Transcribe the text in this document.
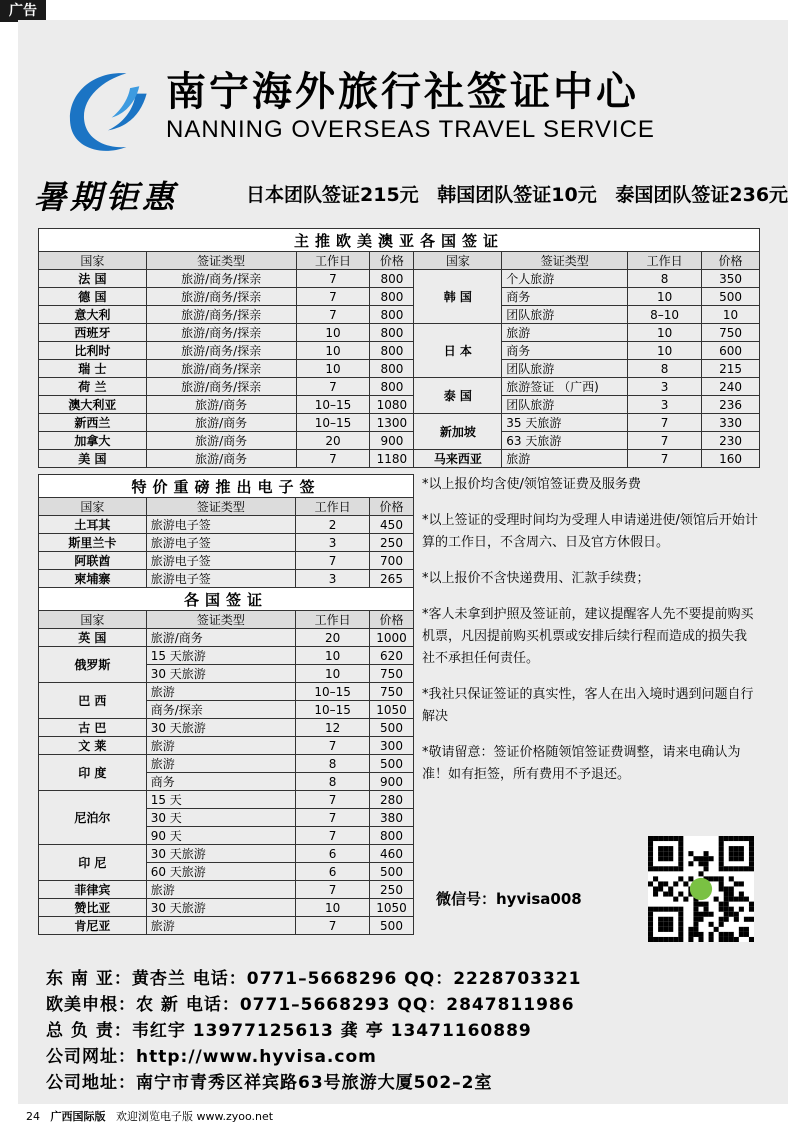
广告
南宁海外旅行社签证中心
NANNING OVERSEAS TRAVEL SERVICE
暑期钜惠	日本团队签证215元 韩国团队签证10元 泰国团队签证236元
主推欧美澳亚各国签证							
国家	签证类型	工作日	价格	国家	签证类型	工作日	价格
法 国	旅游/商务/探亲	7	800	韩 国	个人旅游	8	350
德 国	旅游/商务/探亲	7	800		商务	10	500
意大利	旅游/商务/探亲	7	800		团队旅游	8–10	10
西班牙	旅游/商务/探亲	10	800	日 本	旅游	10	750
比利时	旅游/商务/探亲	10	800		商务	10	600
瑞 士	旅游/商务/探亲	10	800		团队旅游	8	215
荷 兰	旅游/商务/探亲	7	800	泰 国	旅游签证 （广西)	3	240
澳大利亚	旅游/商务	10–15	1080		团队旅游	3	236
新西兰	旅游/商务	10–15	1300	新加坡	35 天旅游	7	330
加拿大	旅游/商务	20	900		63 天旅游	7	230
美 国	旅游/商务	7	1180	马来西亚	旅游	7	160
特价重磅推出电子签			
国家	签证类型	工作日	价格
土耳其	旅游电子签	2	450
斯里兰卡	旅游电子签	3	250
阿联酋	旅游电子签	7	700
柬埔寨	旅游电子签	3	265
各国签证			
国家	签证类型	工作日	价格
英 国	旅游/商务	20	1000
俄罗斯	15 天旅游	10	620
	30 天旅游	10	750
巴 西	旅游	10–15	750
	商务/探亲	10–15	1050
古 巴	30 天旅游	12	500
文 莱	旅游	7	300
印 度	旅游	8	500
	商务	8	900
尼泊尔	15 天	7	280
	30 天	7	380
	90 天	7	800
印 尼	30 天旅游	6	460
	60 天旅游	6	500
菲律宾	旅游	7	250
赞比亚	30 天旅游	10	1050
肯尼亚	旅游	7	500

*以上报价均含使/领馆签证费及服务费

*以上签证的受理时间均为受理人申请递进使/领馆后开始计算的工作日，不含周六、日及官方休假日。

*以上报价不含快递费用、汇款手续费；

*客人未拿到护照及签证前，建议提醒客人先不要提前购买机票，凡因提前购买机票或安排后续行程而造成的损失我社不承担任何责任。

*我社只保证签证的真实性，客人在出入境时遇到问题自行解决

*敬请留意：签证价格随领馆签证费调整，请来电确认为准！如有拒签，所有费用不予退还。

微信号：hyvisa008
东 南 亚：黄杏兰 电话：0771–5668296 QQ：2228703321
欧美申根：农 新 电话：0771–5668293 QQ：2847811986
总 负 责：韦红宇 13977125613 龚 亭 13471160889
公司网址：http://www.hyvisa.com
公司地址：南宁市青秀区祥宾路63号旅游大厦502–2室
24 广西国际版 欢迎浏览电子版 www.zyoo.net
